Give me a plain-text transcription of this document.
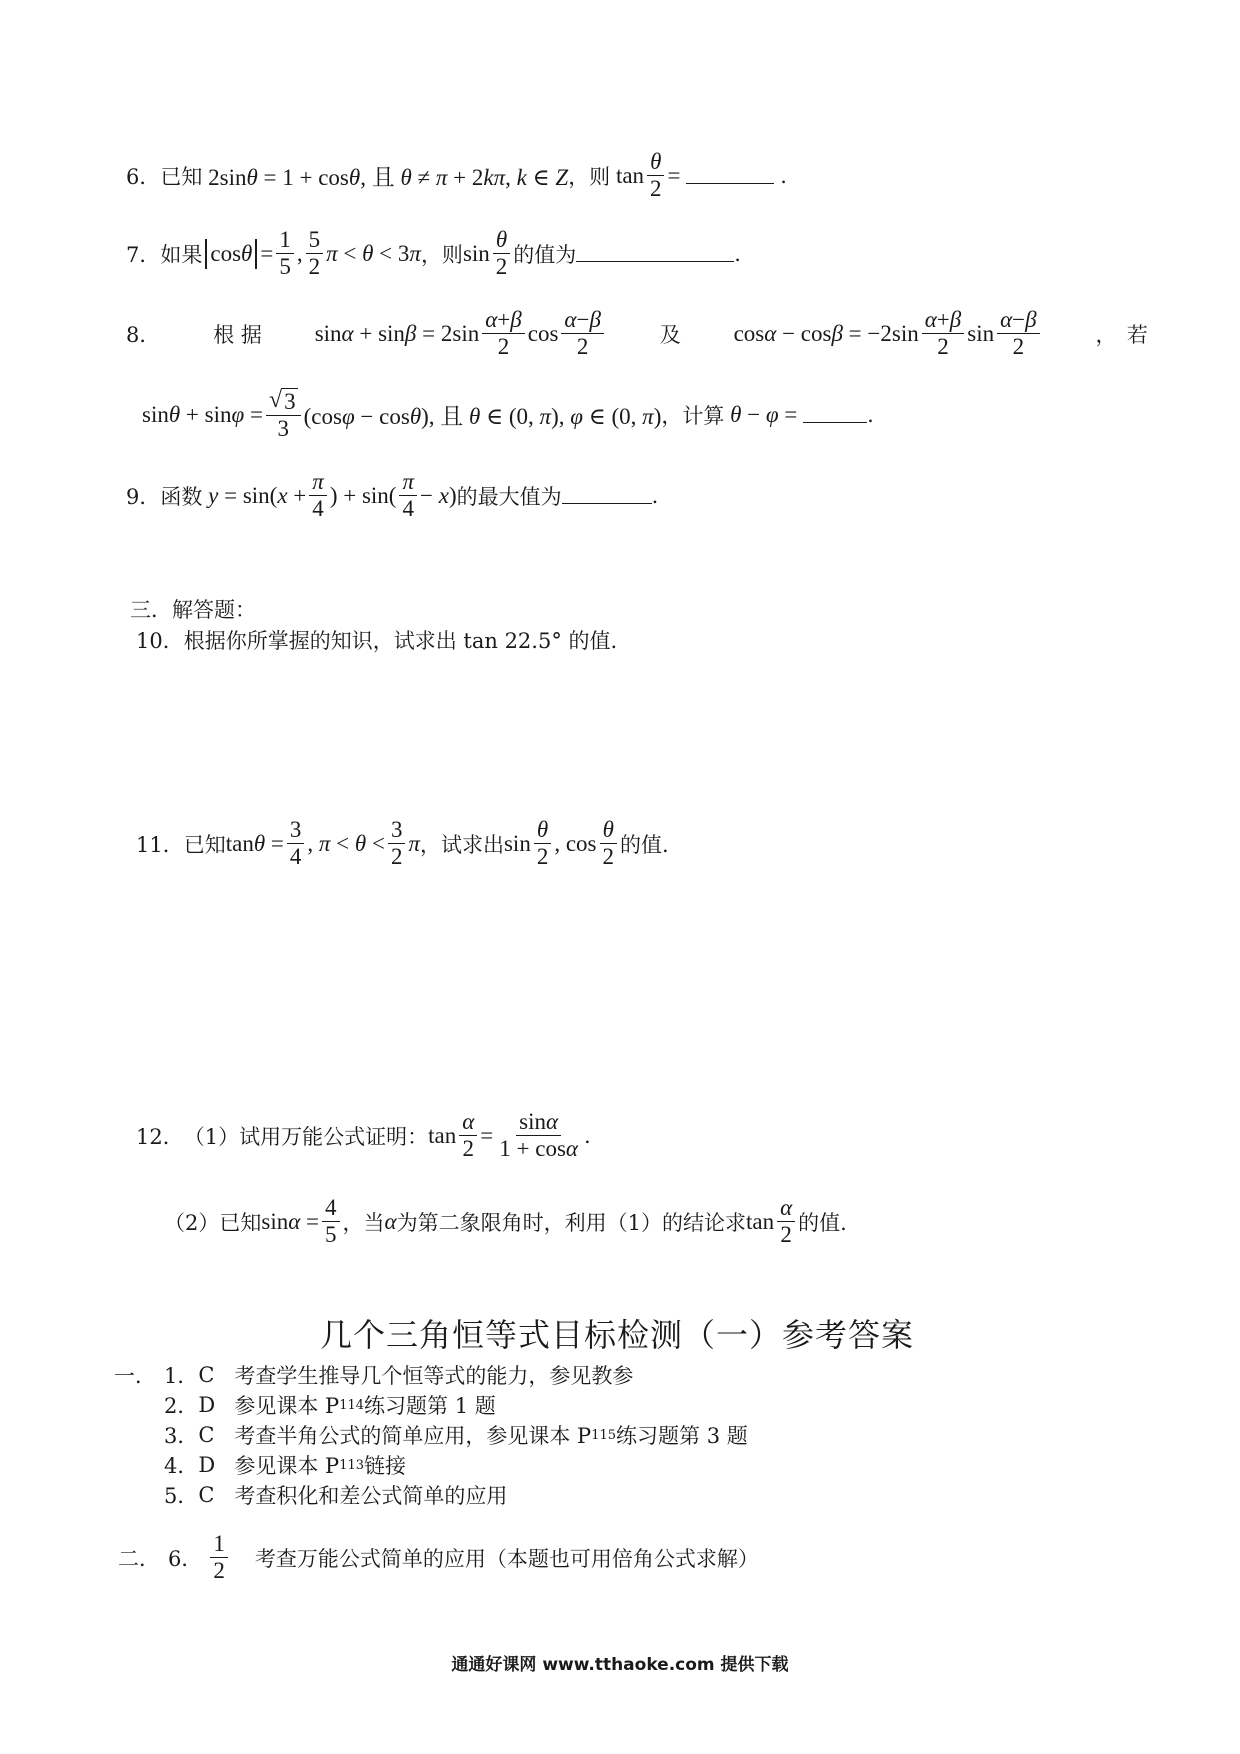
6． 已知 2sinθ = 1 + cosθ, 且 θ ≠ π + 2kπ, k ∈ Z ，则 $\tan \frac{\theta}{2}$ =	.
7． 如果 $\cos\theta = \frac{1}{5}$ , $\frac{5}{2}$ π < θ < 3π ，则 $\sin \frac{\theta}{2}$ 的值为	.
8．	根 据 $\sin \alpha + \sin \beta = 2\sin \frac{\alpha+\beta}{2}$ $\cos \frac{\alpha-\beta}{2}$	及 $\cos \alpha - \cos \beta = -2\sin \frac{\alpha+\beta}{2}$ $\sin \frac{\alpha-\beta}{2}$	，　若
$\sin\theta + \sin\varphi = \frac{√ 3}{3} (\cos\varphi - \cos\theta)$, 且 θ ∈ (0, π), φ ∈ (0, π) ，计算 θ − φ =	.
9． 函数 $y = \sin(x + \frac{\pi}{4}$ ) + $\sin( \frac{\pi}{4} - x)$ 的最大值为	.
三．解答题：
10． 根据你所掌握的知识，试求出 tan 22.5° 的值.
11． 已知 $\tan\theta = \frac{3}{4}$ , $\pi < \theta < \frac{3}{2}$ π ，试求出 $\sin \frac{\theta}{2}$ , $\cos \frac{\theta}{2}$ 的值.
12． （1）试用万能公式证明： $\tan \frac{\alpha}{2} = \frac{\sin\alpha}{1 + \cos\alpha}$ .
（2）已知 $\sin\alpha = \frac{4}{5}$ ，当 α 为第二象限角时，利用（1）的结论求 $\tan \frac{\alpha}{2}$ 的值.
几个三角恒等式目标检测（一）参考答案
一． 1． C 考查学生推导几个恒等式的能力，参见教参
2． D 参见课本 P 114 练习题第 1 题
3． C 考查半角公式的简单应用，参见课本 P 115 练习题第 3 题
4． D 参见课本 P 113 链接
5． C 考查积化和差公式简单的应用
二． 6． $\frac{1}{2}$ 考查万能公式简单的应用（本题也可用倍角公式求解）
通通好课网 www.tthaoke.com 提供下载
